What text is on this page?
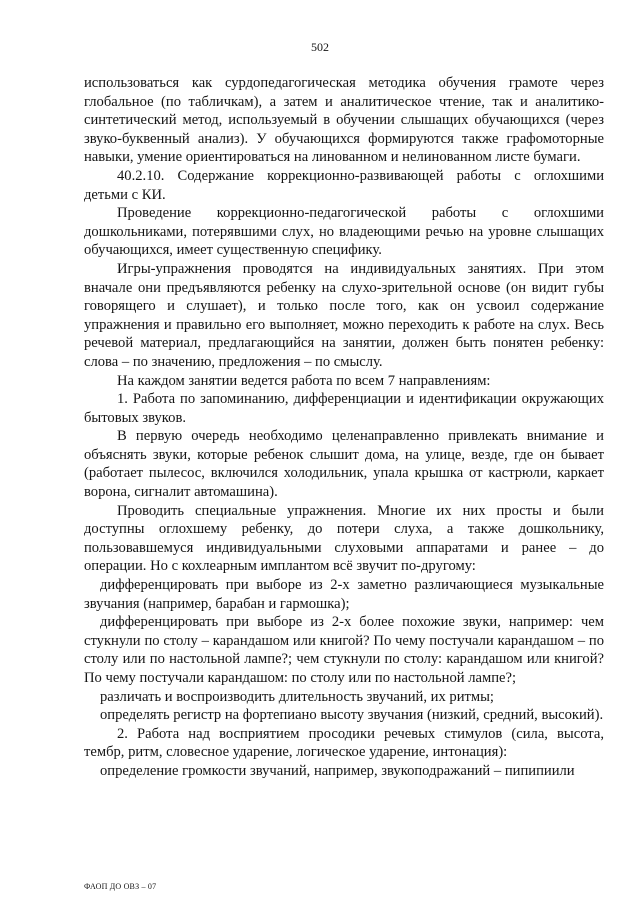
502

использоваться как сурдопедагогическая методика обучения грамоте через глобальное (по табличкам), а затем и аналитическое чтение, так и аналитико-синтетический метод, используемый в обучении слышащих обучающихся (через звуко-буквенный анализ). У обучающихся формируются также графомоторные навыки, умение ориентироваться на линованном и нелинованном листе бумаги.

40.2.10. Содержание коррекционно-развивающей работы с оглохшими детьми с КИ.

Проведение коррекционно-педагогической работы с оглохшими дошкольниками, потерявшими слух, но владеющими речью на уровне слышащих обучающихся, имеет существенную специфику.

Игры-упражнения проводятся на индивидуальных занятиях. При этом вначале они предъявляются ребенку на слухо-зрительной основе (он видит губы говорящего и слушает), и только после того, как он усвоил содержание упражнения и правильно его выполняет, можно переходить к работе на слух. Весь речевой материал, предлагающийся на занятии, должен быть понятен ребенку: слова – по значению, предложения – по смыслу.

На каждом занятии ведется работа по всем 7 направлениям:

1. Работа по запоминанию, дифференциации и идентификации окружающих бытовых звуков.

В первую очередь необходимо целенаправленно привлекать внимание и объяснять звуки, которые ребенок слышит дома, на улице, везде, где он бывает (работает пылесос, включился холодильник, упала крышка от кастрюли, каркает ворона, сигналит автомашина).

Проводить специальные упражнения. Многие их них просты и были доступны оглохшему ребенку, до потери слуха, а также дошкольнику, пользовавшемуся индивидуальными слуховыми аппаратами и ранее – до операции. Но с кохлеарным имплантом всё звучит по-другому:

дифференцировать при выборе из 2-х заметно различающиеся музыкальные звучания (например, барабан и гармошка);

дифференцировать при выборе из 2-х более похожие звуки, например: чем стукнули по столу – карандашом или книгой? По чему постучали карандашом – по столу или по настольной лампе?; чем стукнули по столу: карандашом или книгой? По чему постучали карандашом: по столу или по настольной лампе?;

различать и воспроизводить длительность звучаний, их ритмы;

определять регистр на фортепиано высоту звучания (низкий, средний, высокий).

2. Работа над восприятием просодики речевых стимулов (сила, высота, тембр, ритм, словесное ударение, логическое ударение, интонация):

определение громкости звучаний, например, звукоподражаний – пипипиили

ФАОП ДО ОВЗ – 07
